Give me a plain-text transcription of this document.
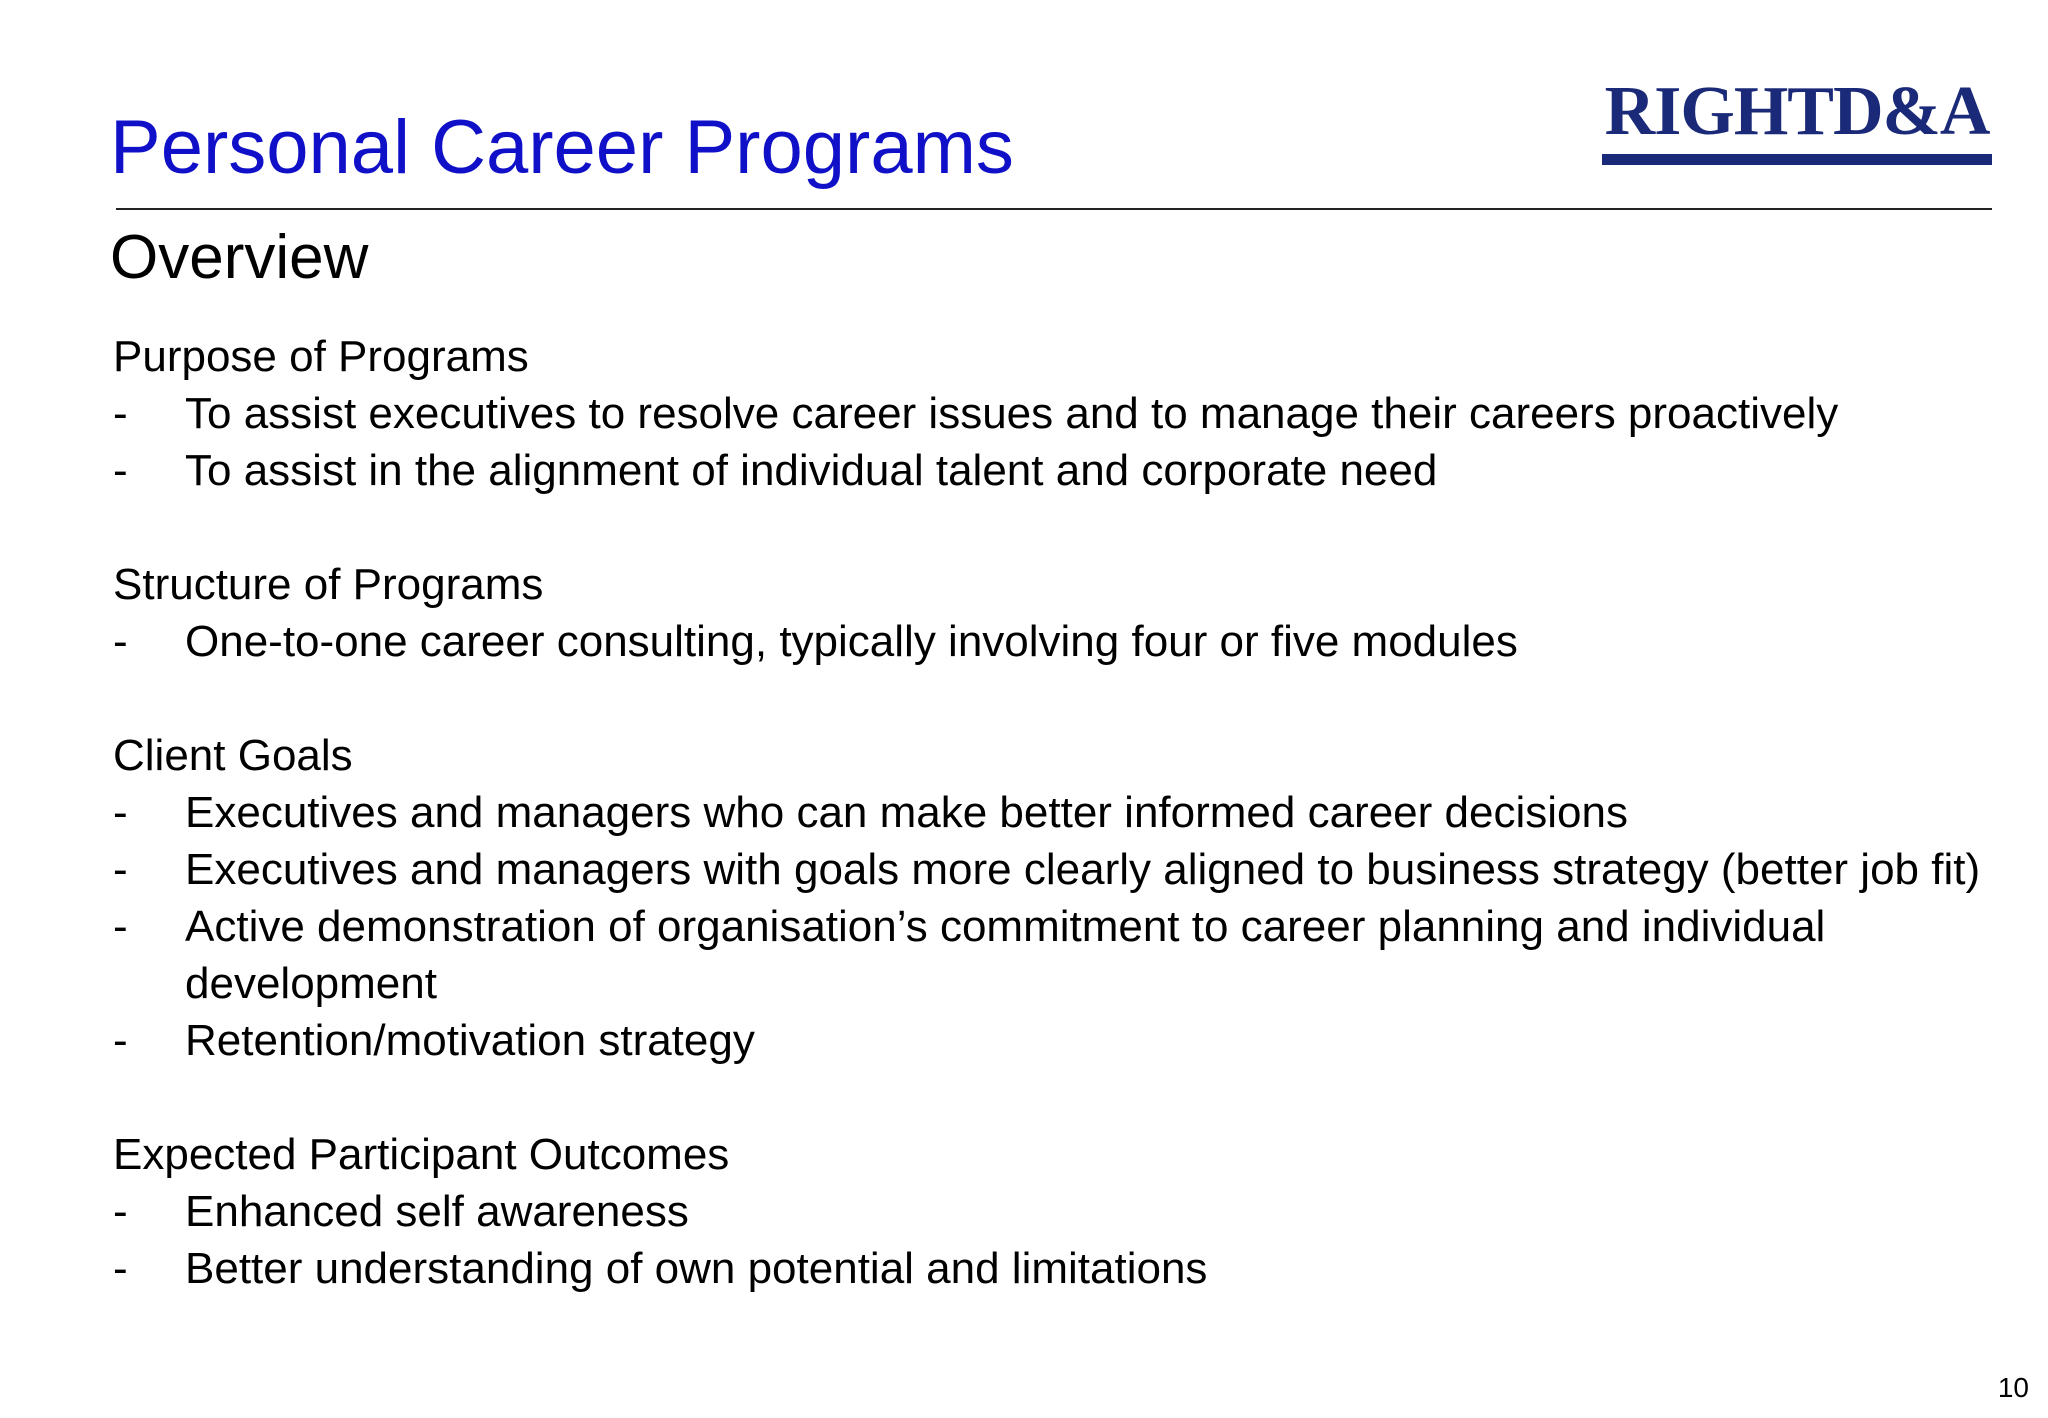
Personal Career Programs	RIGHTD&A
Overview
Purpose of Programs
- To assist executives to resolve career issues and to manage their careers proactively
- To assist in the alignment of individual talent and corporate need
Structure of Programs
- One-to-one career consulting, typically involving four or five modules
Client Goals
- Executives and managers who can make better informed career decisions
- Executives and managers with goals more clearly aligned to business strategy (better job fit)
- Active demonstration of organisation’s commitment to career planning and individual development
- Retention/motivation strategy
Expected Participant Outcomes
- Enhanced self awareness
- Better understanding of own potential and limitations
10
